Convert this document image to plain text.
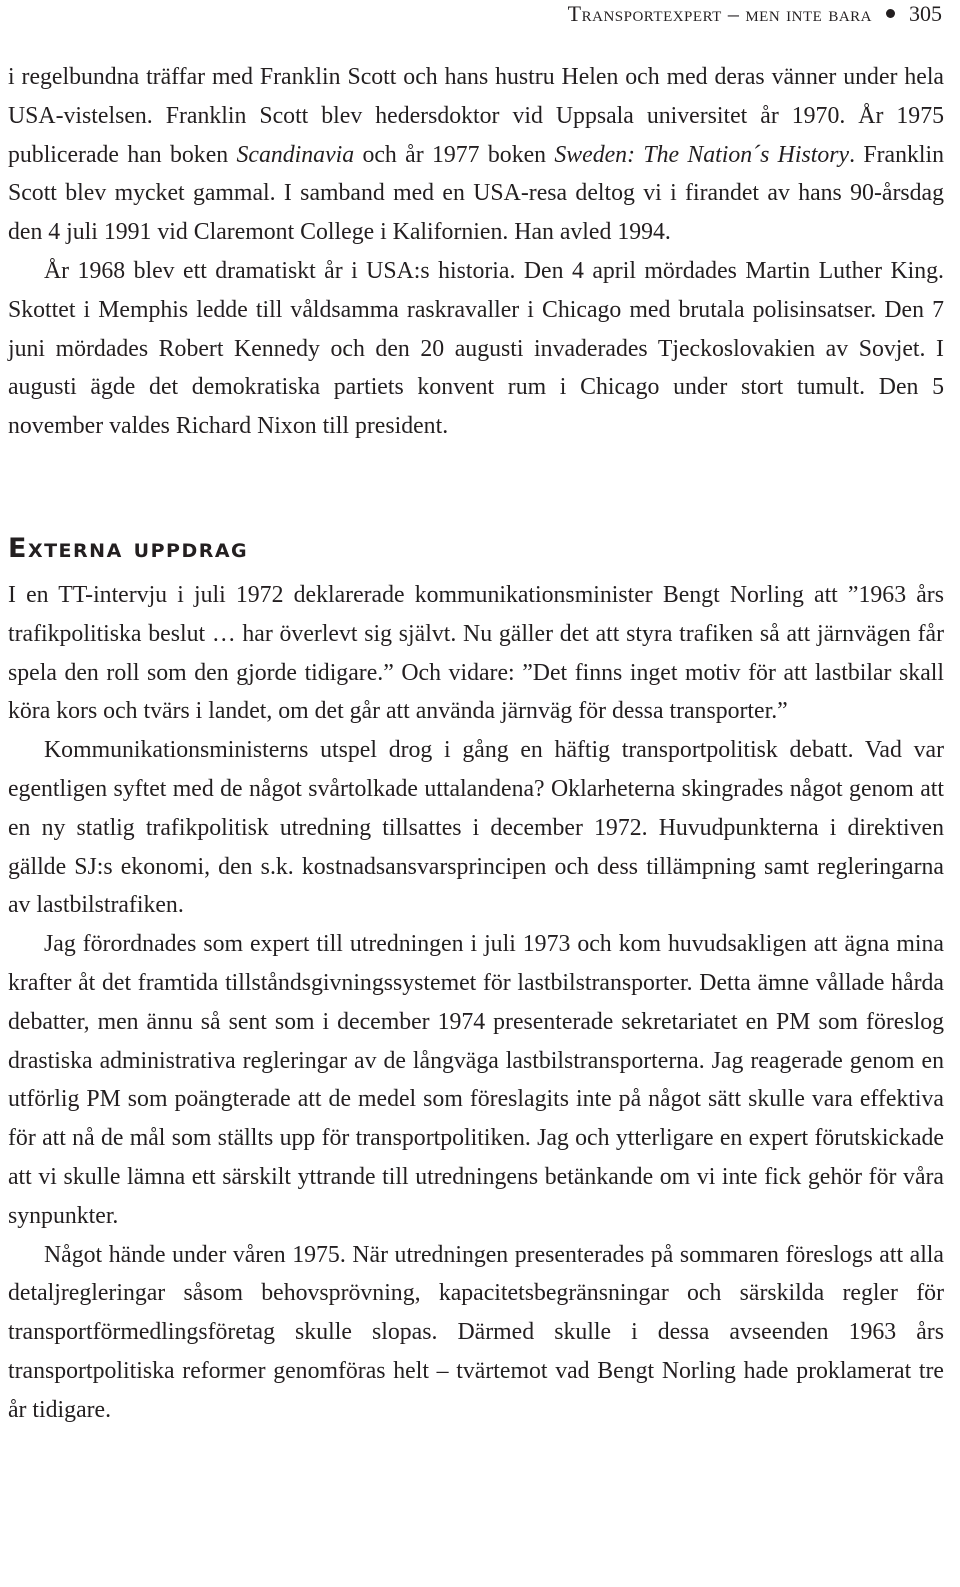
Transportexpert – men inte bara 305

i regelbundna träffar med Franklin Scott och hans hustru Helen och med deras vänner under hela USA-vistelsen. Franklin Scott blev hedersdoktor vid Uppsala universitet år 1970. År 1975 publicerade han boken Scandinavia och år 1977 boken Sweden: The Nation´s History. Franklin Scott blev mycket gammal. I samband med en USA-resa deltog vi i firandet av hans 90-årsdag den 4 juli 1991 vid Claremont College i Kalifornien. Han avled 1994.

År 1968 blev ett dramatiskt år i USA:s historia. Den 4 april mördades Martin Luther King. Skottet i Memphis ledde till våldsamma raskravaller i Chicago med brutala polisinsatser. Den 7 juni mördades Robert Kennedy och den 20 augusti invaderades Tjeckoslovakien av Sovjet. I augusti ägde det demokratiska partiets konvent rum i Chicago under stort tumult. Den 5 november valdes Richard Nixon till president.

Externa uppdrag

I en TT-intervju i juli 1972 deklarerade kommunikationsminister Bengt Norling att ”1963 års trafikpolitiska beslut … har överlevt sig självt. Nu gäller det att styra trafiken så att järnvägen får spela den roll som den gjorde tidigare.” Och vidare: ”Det finns inget motiv för att lastbilar skall köra kors och tvärs i landet, om det går att använda järnväg för dessa transporter.”

Kommunikationsministerns utspel drog i gång en häftig transportpolitisk debatt. Vad var egentligen syftet med de något svårtolkade uttalandena? Oklarheterna skingrades något genom att en ny statlig trafikpolitisk utredning tillsattes i december 1972. Huvudpunkterna i direktiven gällde SJ:s ekonomi, den s.k. kostnadsansvarsprincipen och dess tillämpning samt regleringarna av lastbilstrafiken.

Jag förordnades som expert till utredningen i juli 1973 och kom huvudsakligen att ägna mina krafter åt det framtida tillståndsgivningssystemet för lastbilstransporter. Detta ämne vållade hårda debatter, men ännu så sent som i december 1974 presenterade sekretariatet en PM som föreslog drastiska administrativa regleringar av de långväga lastbilstransporterna. Jag reagerade genom en utförlig PM som poängterade att de medel som föreslagits inte på något sätt skulle vara effektiva för att nå de mål som ställts upp för transportpolitiken. Jag och ytterligare en expert förutskickade att vi skulle lämna ett särskilt yttrande till utredningens betänkande om vi inte fick gehör för våra synpunkter.

Något hände under våren 1975. När utredningen presenterades på sommaren föreslogs att alla detaljregleringar såsom behovsprövning, kapacitetsbegränsningar och särskilda regler för transportförmedlingsföretag skulle slopas. Därmed skulle i dessa avseenden 1963 års transportpolitiska reformer genomföras helt – tvärtemot vad Bengt Norling hade proklamerat tre år tidigare.
